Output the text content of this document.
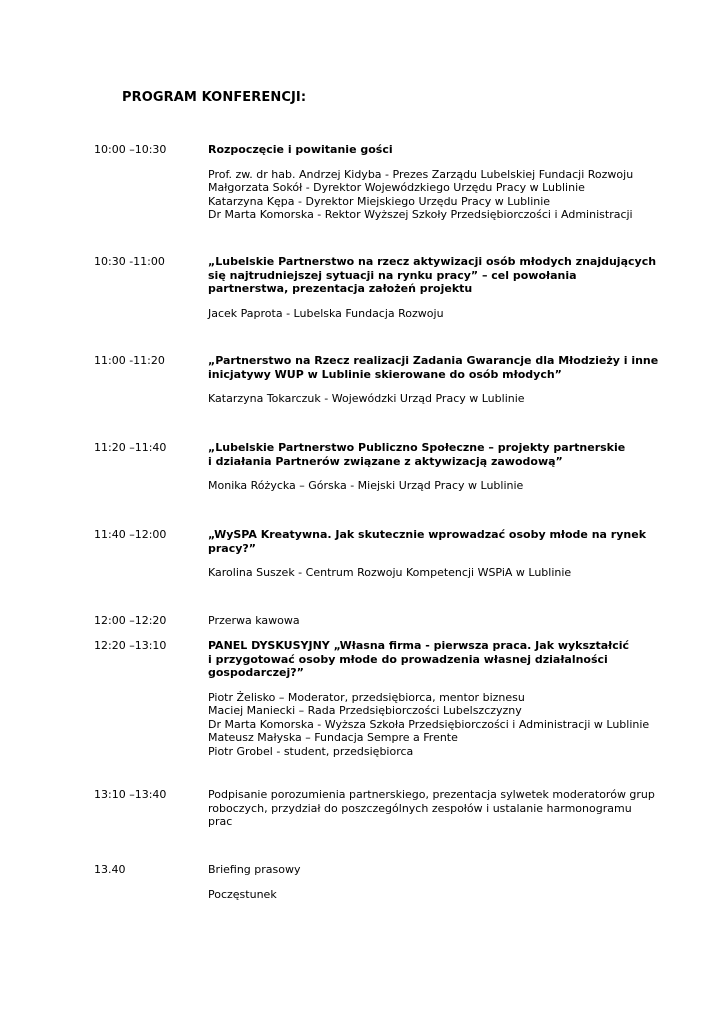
PROGRAM KONFERENCJI:
10:00 –10:30	Rozpoczęcie i powitanie gości
Prof. zw. dr hab. Andrzej Kidyba - Prezes Zarządu Lubelskiej Fundacji Rozwoju
Małgorzata Sokół - Dyrektor Wojewódzkiego Urzędu Pracy w Lublinie
Katarzyna Kępa - Dyrektor Miejskiego Urzędu Pracy w Lublinie
Dr Marta Komorska - Rektor Wyższej Szkoły Przedsiębiorczości i Administracji
10:30 -11:00	„Lubelskie Partnerstwo na rzecz aktywizacji osób młodych znajdujących
się najtrudniejszej sytuacji na rynku pracy” – cel powołania
partnerstwa, prezentacja założeń projektu
Jacek Paprota - Lubelska Fundacja Rozwoju
11:00 -11:20	„Partnerstwo na Rzecz realizacji Zadania Gwarancje dla Młodzieży i inne
inicjatywy WUP w Lublinie skierowane do osób młodych”
Katarzyna Tokarczuk - Wojewódzki Urząd Pracy w Lublinie
11:20 –11:40	„Lubelskie Partnerstwo Publiczno Społeczne – projekty partnerskie
i działania Partnerów związane z aktywizacją zawodową”
Monika Różycka – Górska - Miejski Urząd Pracy w Lublinie
11:40 –12:00	„WySPA Kreatywna. Jak skutecznie wprowadzać osoby młode na rynek
pracy?”
Karolina Suszek - Centrum Rozwoju Kompetencji WSPiA w Lublinie
12:00 –12:20	Przerwa kawowa
12:20 –13:10	PANEL DYSKUSYJNY „Własna firma - pierwsza praca. Jak wykształcić
i przygotować osoby młode do prowadzenia własnej działalności
gospodarczej?”
Piotr Żelisko – Moderator, przedsiębiorca, mentor biznesu
Maciej Maniecki – Rada Przedsiębiorczości Lubelszczyzny
Dr Marta Komorska - Wyższa Szkoła Przedsiębiorczości i Administracji w Lublinie
Mateusz Małyska – Fundacja Sempre a Frente
Piotr Grobel - student, przedsiębiorca
13:10 –13:40	Podpisanie porozumienia partnerskiego, prezentacja sylwetek moderatorów grup
roboczych, przydział do poszczególnych zespołów i ustalanie harmonogramu
prac
13.40	Briefing prasowy
Poczęstunek
